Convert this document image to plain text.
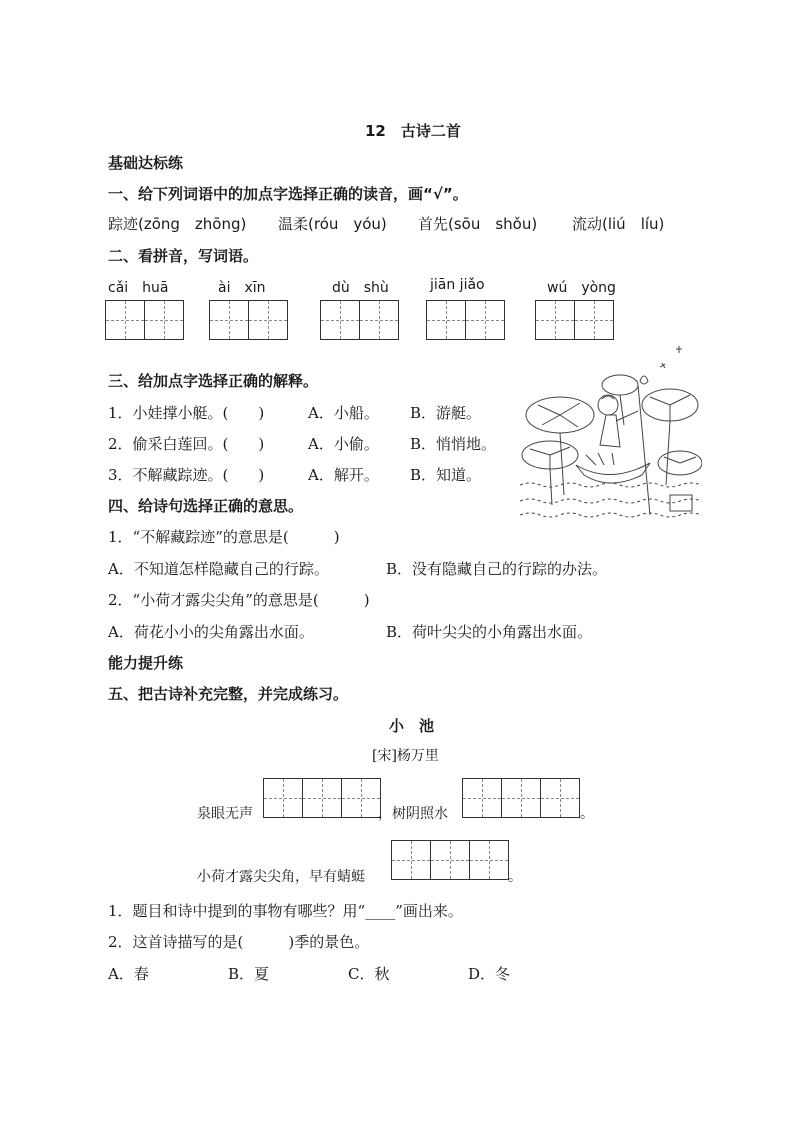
12　古诗二首
基础达标练
一、给下列词语中的加点字选择正确的读音，画“√”。
踪迹(zōng　zhōng) 温柔(róu　yóu) 首先(sōu　shǒu) 流动(liú　líu)
二、看拼音，写词语。
cǎi　huā	ài　xīn	dù　shù	jiān jiǎo	wú　yòng
三、给加点字选择正确的解释。
1．小娃撑小艇。(　　)	A．小船。 B．游艇。
2．偷采白莲回。(　　)	A．小偷。 B．悄悄地。
3．不解藏踪迹。(　　)	A．解开。 B．知道。
四、给诗句选择正确的意思。
1．“不解藏踪迹”的意思是(　　　)
A．不知道怎样隐藏自己的行踪。	B．没有隐藏自己的行踪的办法。
2．“小荷才露尖尖角”的意思是(　　　)
A．荷花小小的尖角露出水面。	B．荷叶尖尖的小角露出水面。
能力提升练
五、把古诗补充完整，并完成练习。
小　池
[宋]杨万里
泉眼无声	，树阴照水	。
小荷才露尖尖角，早有蜻蜓	。
1．题目和诗中提到的事物有哪些？用“____”画出来。
2．这首诗描写的是(　　　)季的景色。
A．春	B．夏	C．秋	D．冬
